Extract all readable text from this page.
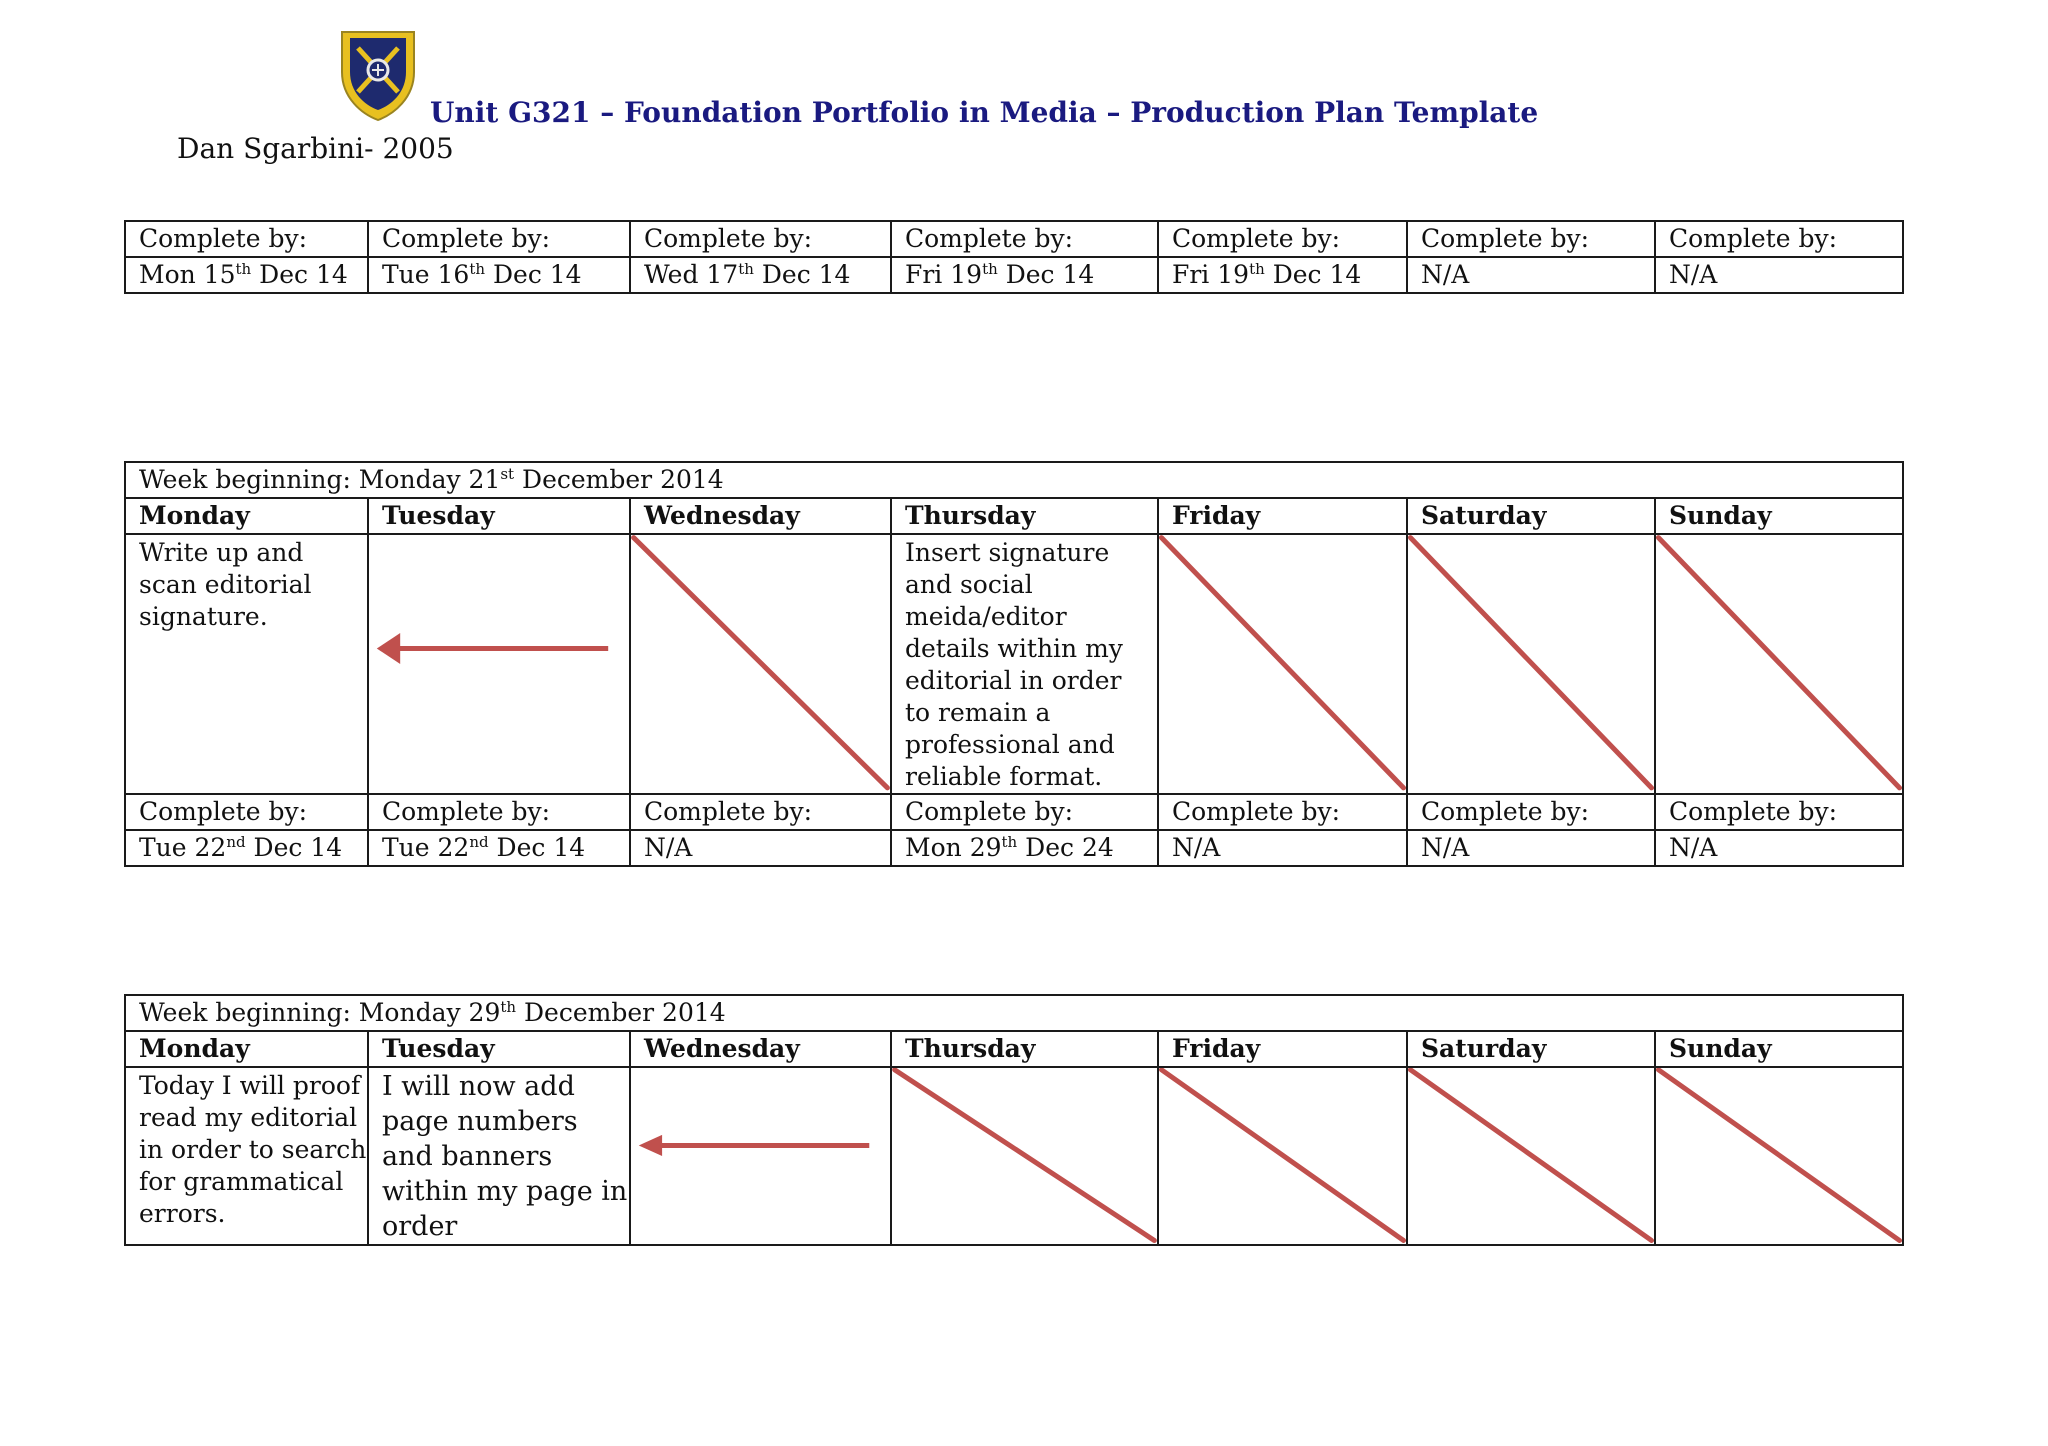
Unit G321 – Foundation Portfolio in Media – Production Plan Template
Dan Sgarbini- 2005
Complete by:	Complete by:	Complete by:	Complete by:	Complete by:	Complete by:	Complete by:
Mon 15th Dec 14	Tue 16th Dec 14	Wed 17th Dec 14	Fri 19th Dec 14	Fri 19th Dec 14	N/A	N/A
Week beginning: Monday 21st December 2014						
Monday	Tuesday	Wednesday	Thursday	Friday	Saturday	Sunday
Write up and scan editorial signature.			Insert signature and social meida/editor details within my editorial in order to remain a professional and reliable format.	

Complete by:	Complete by:	Complete by:	Complete by:	Complete by:	Complete by:	Complete by:
Tue 22nd Dec 14	Tue 22nd Dec 14	N/A	Mon 29th Dec 24	N/A	N/A	N/A
Week beginning: Monday 29th December 2014						
Monday	Tuesday	Wednesday	Thursday	Friday	Saturday	Sunday
Today I will proof read my editorial in order to search for grammatical errors.	I will now add page numbers and banners within my page in order	
